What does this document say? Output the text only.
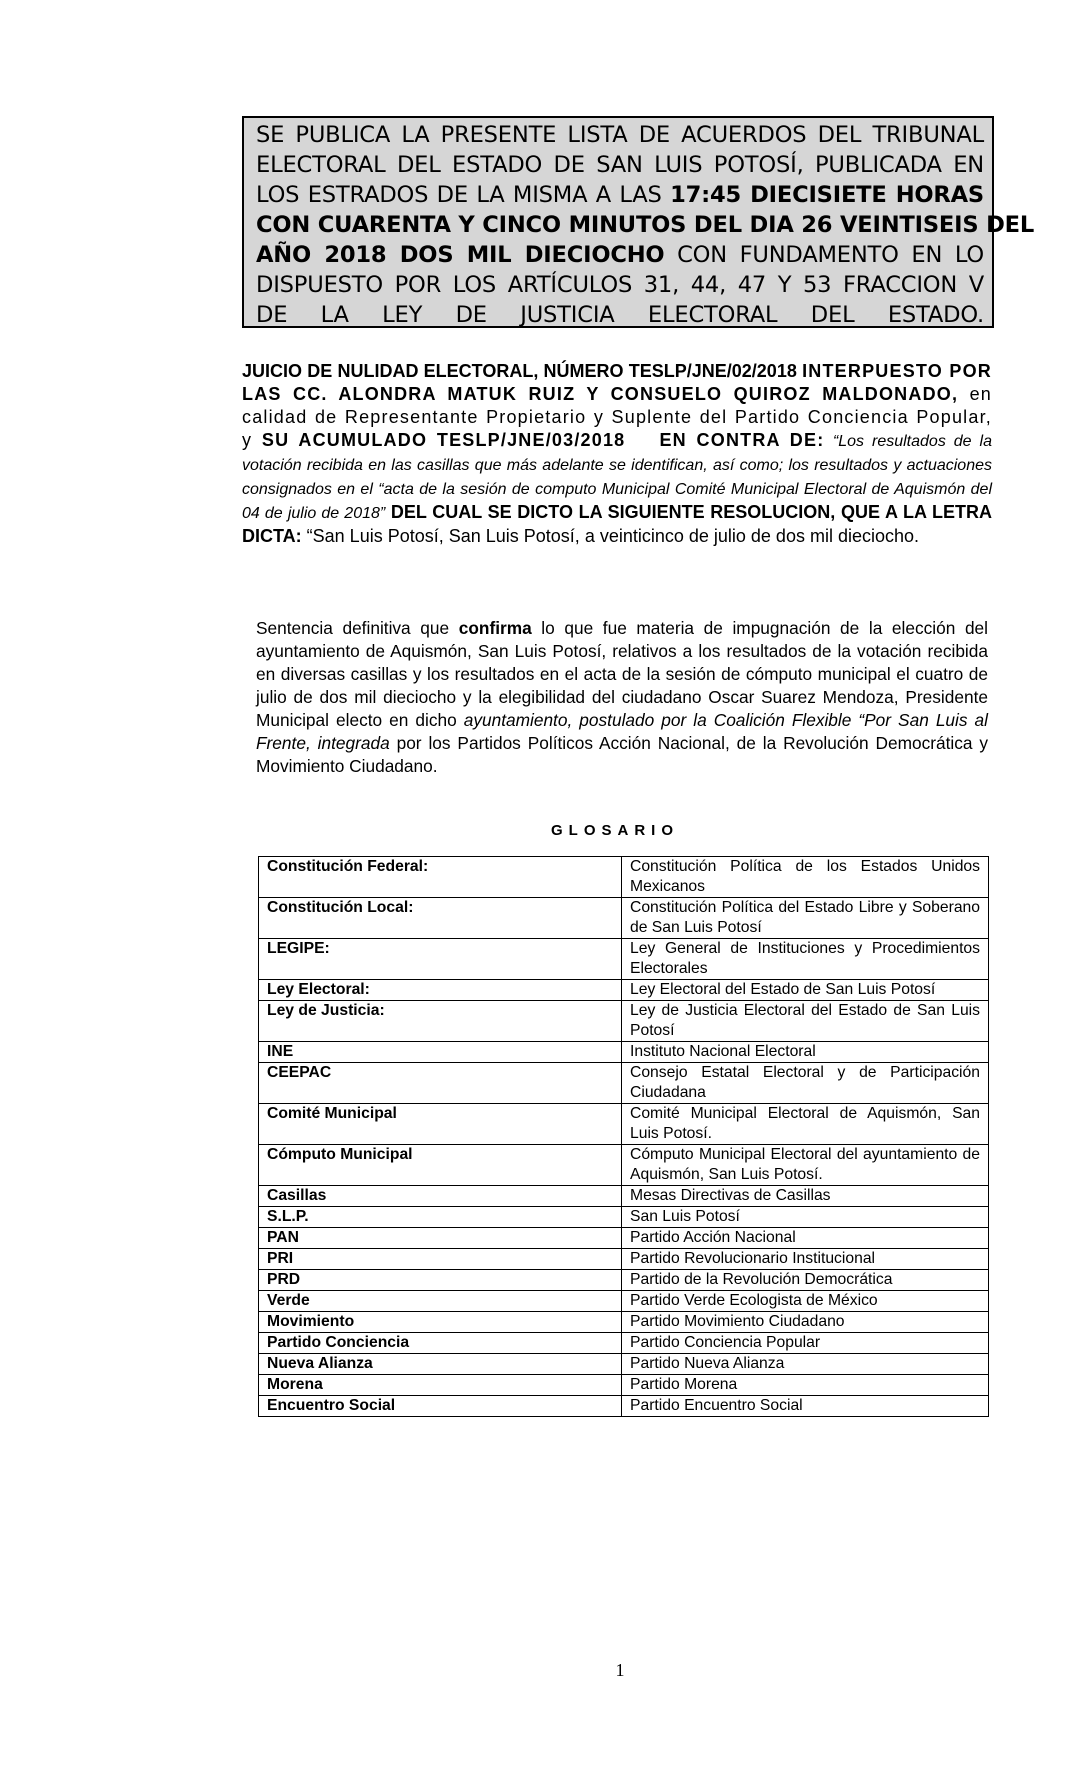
SE PUBLICA LA PRESENTE LISTA DE ACUERDOS DEL TRIBUNAL
ELECTORAL DEL ESTADO DE SAN LUIS POTOSÍ, PUBLICADA EN
LOS ESTRADOS DE LA MISMA A LAS 17:45 DIECISIETE HORAS
CON CUARENTA Y CINCO MINUTOS DEL DIA 26 VEINTISEIS DEL
AÑO 2018 DOS MIL DIECIOCHO CON FUNDAMENTO EN LO
DISPUESTO POR LOS ARTÍCULOS 31, 44, 47 Y 53 FRACCION V
DE LA LEY DE JUSTICIA ELECTORAL DEL ESTADO.
JUICIO DE NULIDAD ELECTORAL, NÚMERO TESLP/JNE/02/2018 INTERPUESTO POR LAS CC. ALONDRA MATUK RUIZ Y CONSUELO QUIROZ MALDONADO, en calidad de Representante Propietario y Suplente del Partido Conciencia Popular, y SU ACUMULADO TESLP/JNE/03/2018 EN CONTRA DE: “Los resultados de la votación recibida en las casillas que más adelante se identifican, así como; los resultados y actuaciones consignados en el “acta de la sesión de computo Municipal Comité Municipal Electoral de Aquismón del 04 de julio de 2018” DEL CUAL SE DICTO LA SIGUIENTE RESOLUCION, QUE A LA LETRA DICTA: “San Luis Potosí, San Luis Potosí, a veinticinco de julio de dos mil dieciocho.
Sentencia definitiva que confirma lo que fue materia de impugnación de la elección del ayuntamiento de Aquismón, San Luis Potosí, relativos a los resultados de la votación recibida en diversas casillas y los resultados en el acta de la sesión de cómputo municipal el cuatro de julio de dos mil dieciocho y la elegibilidad del ciudadano Oscar Suarez Mendoza, Presidente Municipal electo en dicho ayuntamiento, postulado por la Coalición Flexible “Por San Luis al Frente, integrada por los Partidos Políticos Acción Nacional, de la Revolución Democrática y Movimiento Ciudadano.
GLOSARIO
Constitución Federal:	Constitución Política de los Estados Unidos Mexicanos
Constitución Local:	Constitución Política del Estado Libre y Soberano de San Luis Potosí
LEGIPE:	Ley General de Instituciones y Procedimientos Electorales
Ley Electoral:	Ley Electoral del Estado de San Luis Potosí
Ley de Justicia:	Ley de Justicia Electoral del Estado de San Luis Potosí
INE	Instituto Nacional Electoral
CEEPAC	Consejo Estatal Electoral y de Participación Ciudadana
Comité Municipal	Comité Municipal Electoral de Aquismón, San Luis Potosí.
Cómputo Municipal	Cómputo Municipal Electoral del ayuntamiento de Aquismón, San Luis Potosí.
Casillas	Mesas Directivas de Casillas
S.L.P.	San Luis Potosí
PAN	Partido Acción Nacional
PRI	Partido Revolucionario Institucional
PRD	Partido de la Revolución Democrática
Verde	Partido Verde Ecologista de México
Movimiento	Partido Movimiento Ciudadano
Partido Conciencia	Partido Conciencia Popular
Nueva Alianza	Partido Nueva Alianza
Morena	Partido Morena
Encuentro Social	Partido Encuentro Social
1
